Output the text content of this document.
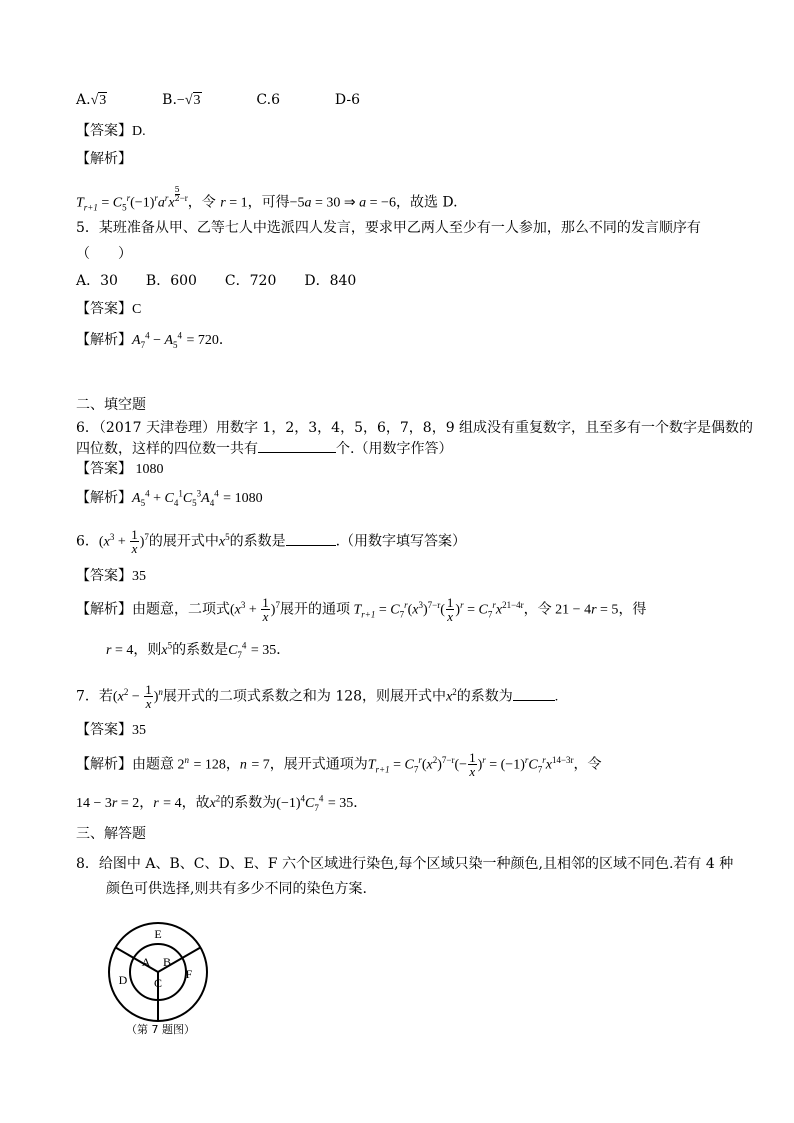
A.√3	B.−√3	C.6	D-6
【答案】D.
【解析】
$T_{r+1} = C_5^r(-1)^ra^rx$
$\frac{5}{2} ^{-r}$，令 r = 1，可得−5a = 30 ⇒ a = −6，故选 D.
5．某班准备从甲、乙等七人中选派四人发言，要求甲乙两人至少有一人参加，那么不同的发言顺序有
（　　）
A．30　　B．600　　C．720　　D．840
【答案】C
【解析】$A_7^4 - A_5^4 = 720$．
二、填空题
6．（2017 天津卷理）用数字 1，2，3，4，5，6，7，8，9 组成没有重复数字，且至多有一个数字是偶数的
四位数，这样的四位数一共有	个.（用数字作答）
【答案】 1080
【解析】$A_5^4 + C_4^1C_5^3A_4^4 = 1080$
6．$(x^3 + \frac{1}{x} )^7$的展开式中$x^5$的系数是	.（用数字填写答案）
【答案】35
【解析】由题意，二项式$(x^3 + \frac{1}{x} )^7$展开的通项 $T_{r+1} = C_7^r(x^3)^{7-r}( \frac{1}{x} )^r = C_7^rx^{21-4r}$，令 21 − 4r = 5，得
r = 4，则$x^5$的系数是$C_7^4 = 35$．
7．若$(x^2 - \frac{1}{x} )^n$展开式的二项式系数之和为 128，则展开式中$x^2$的系数为	.
【答案】35
【解析】由题意 $2^n = 128$，n = 7，展开式通项为$T_{r+1} = C_7^r(x^2)^{7-r}(- \frac{1}{x} )^r = (-1)^rC_7^rx^{14-3r}$，令
14 − 3r = 2，r = 4，故$x^2$的系数为$(-1)^4C_7^4 = 35$．
三、解答题
8．给图中 A、B、C、D、E、F 六个区域进行染色,每个区域只染一种颜色,且相邻的区域不同色.若有 4 种
颜色可供选择,则共有多少不同的染色方案.
E
A B
C
D	F
（第 7 题图）
